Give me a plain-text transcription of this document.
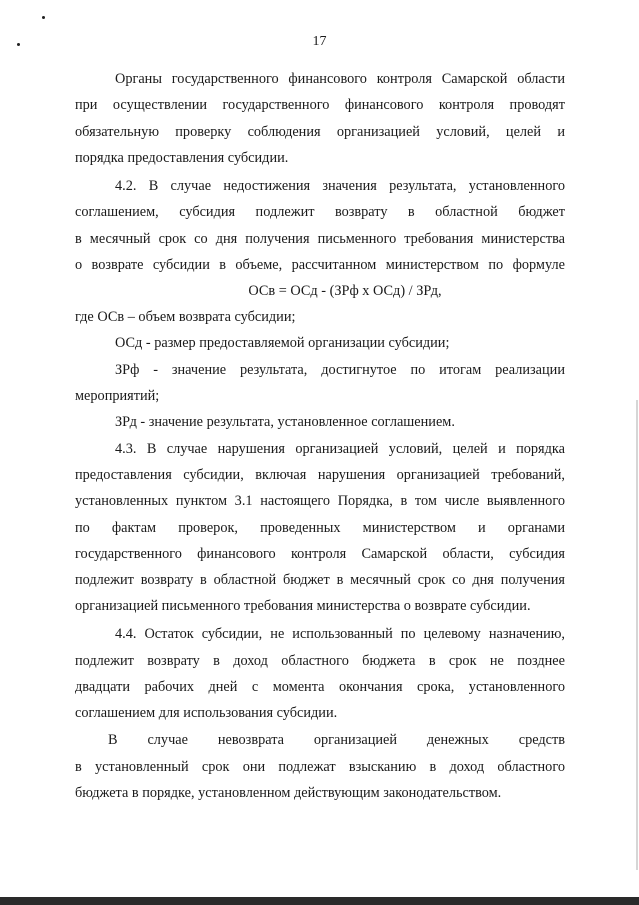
17
Органы государственного финансового контроля Самарской области
при осуществлении государственного финансового контроля проводят
обязательную проверку соблюдения организацией условий, целей и
порядка предоставления субсидии.
4.2. В случае недостижения значения результата, установленного
соглашением, субсидия подлежит возврату в областной бюджет
в месячный срок со дня получения письменного требования министерства
о возврате субсидии в объеме, рассчитанном министерством по формуле
ОСв = ОСд - (ЗРф х ОСд) / ЗРд,
где ОСв – объем возврата субсидии;
ОСд - размер предоставляемой организации субсидии;
ЗРф - значение результата, достигнутое по итогам реализации
мероприятий;
ЗРд - значение результата, установленное соглашением.
4.3. В случае нарушения организацией условий, целей и порядка
предоставления субсидии, включая нарушения организацией требований,
установленных пунктом 3.1 настоящего Порядка, в том числе выявленного
по фактам проверок, проведенных министерством и органами
государственного финансового контроля Самарской области, субсидия
подлежит возврату в областной бюджет в месячный срок со дня получения
организацией письменного требования министерства о возврате субсидии.
4.4. Остаток субсидии, не использованный по целевому назначению,
подлежит возврату в доход областного бюджета в срок не позднее
двадцати рабочих дней с момента окончания срока, установленного
соглашением для использования субсидии.
В случае невозврата организацией денежных средств
в установленный срок они подлежат взысканию в доход областного
бюджета в порядке, установленном действующим законодательством.
